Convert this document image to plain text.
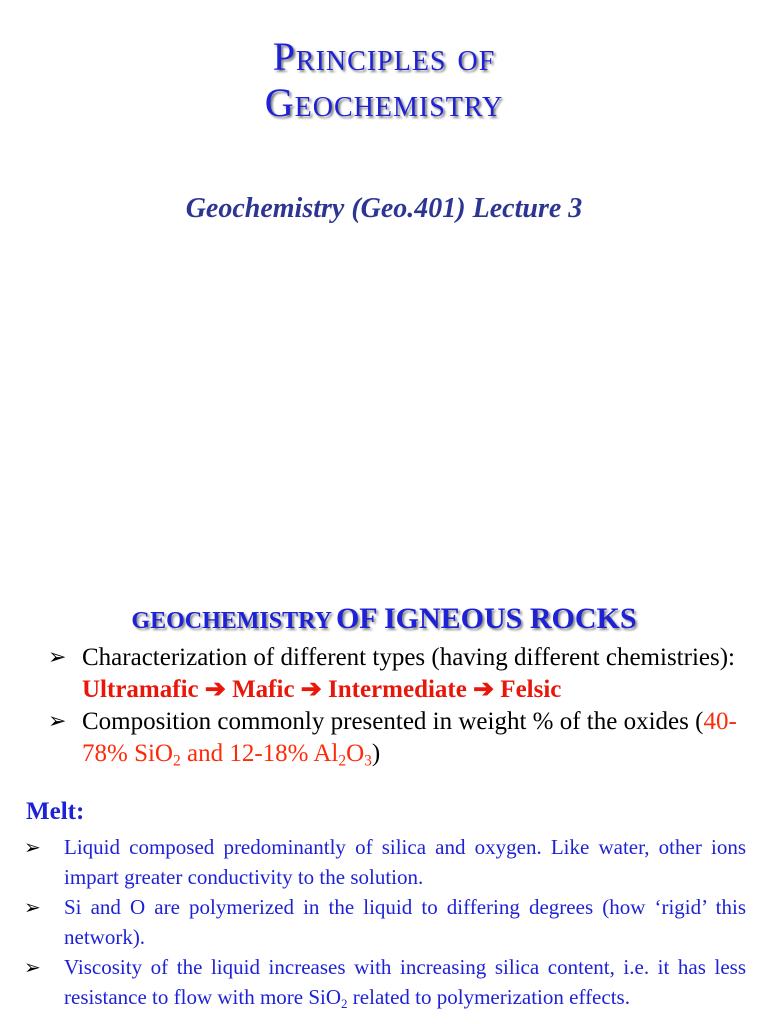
Principles of
Geochemistry
Geochemistry (Geo.401) Lecture 3
GEOCHEMISTRY OF IGNEOUS ROCKS
➢ Characterization of different types (having different chemistries):
Ultramafic ➔ Mafic ➔ Intermediate ➔ Felsic
➢ Composition commonly presented in weight % of the oxides (40-78% SiO$_2$ and 12-18% $Al_2O_3$)
Melt:
➢ Liquid composed predominantly of silica and oxygen. Like water, other ions impart greater conductivity to the solution.
➢ Si and O are polymerized in the liquid to differing degrees (how ‘rigid’ this network).
➢ Viscosity of the liquid increases with increasing silica content, i.e. it has less resistance to flow with more SiO$_2$ related to polymerization effects.
